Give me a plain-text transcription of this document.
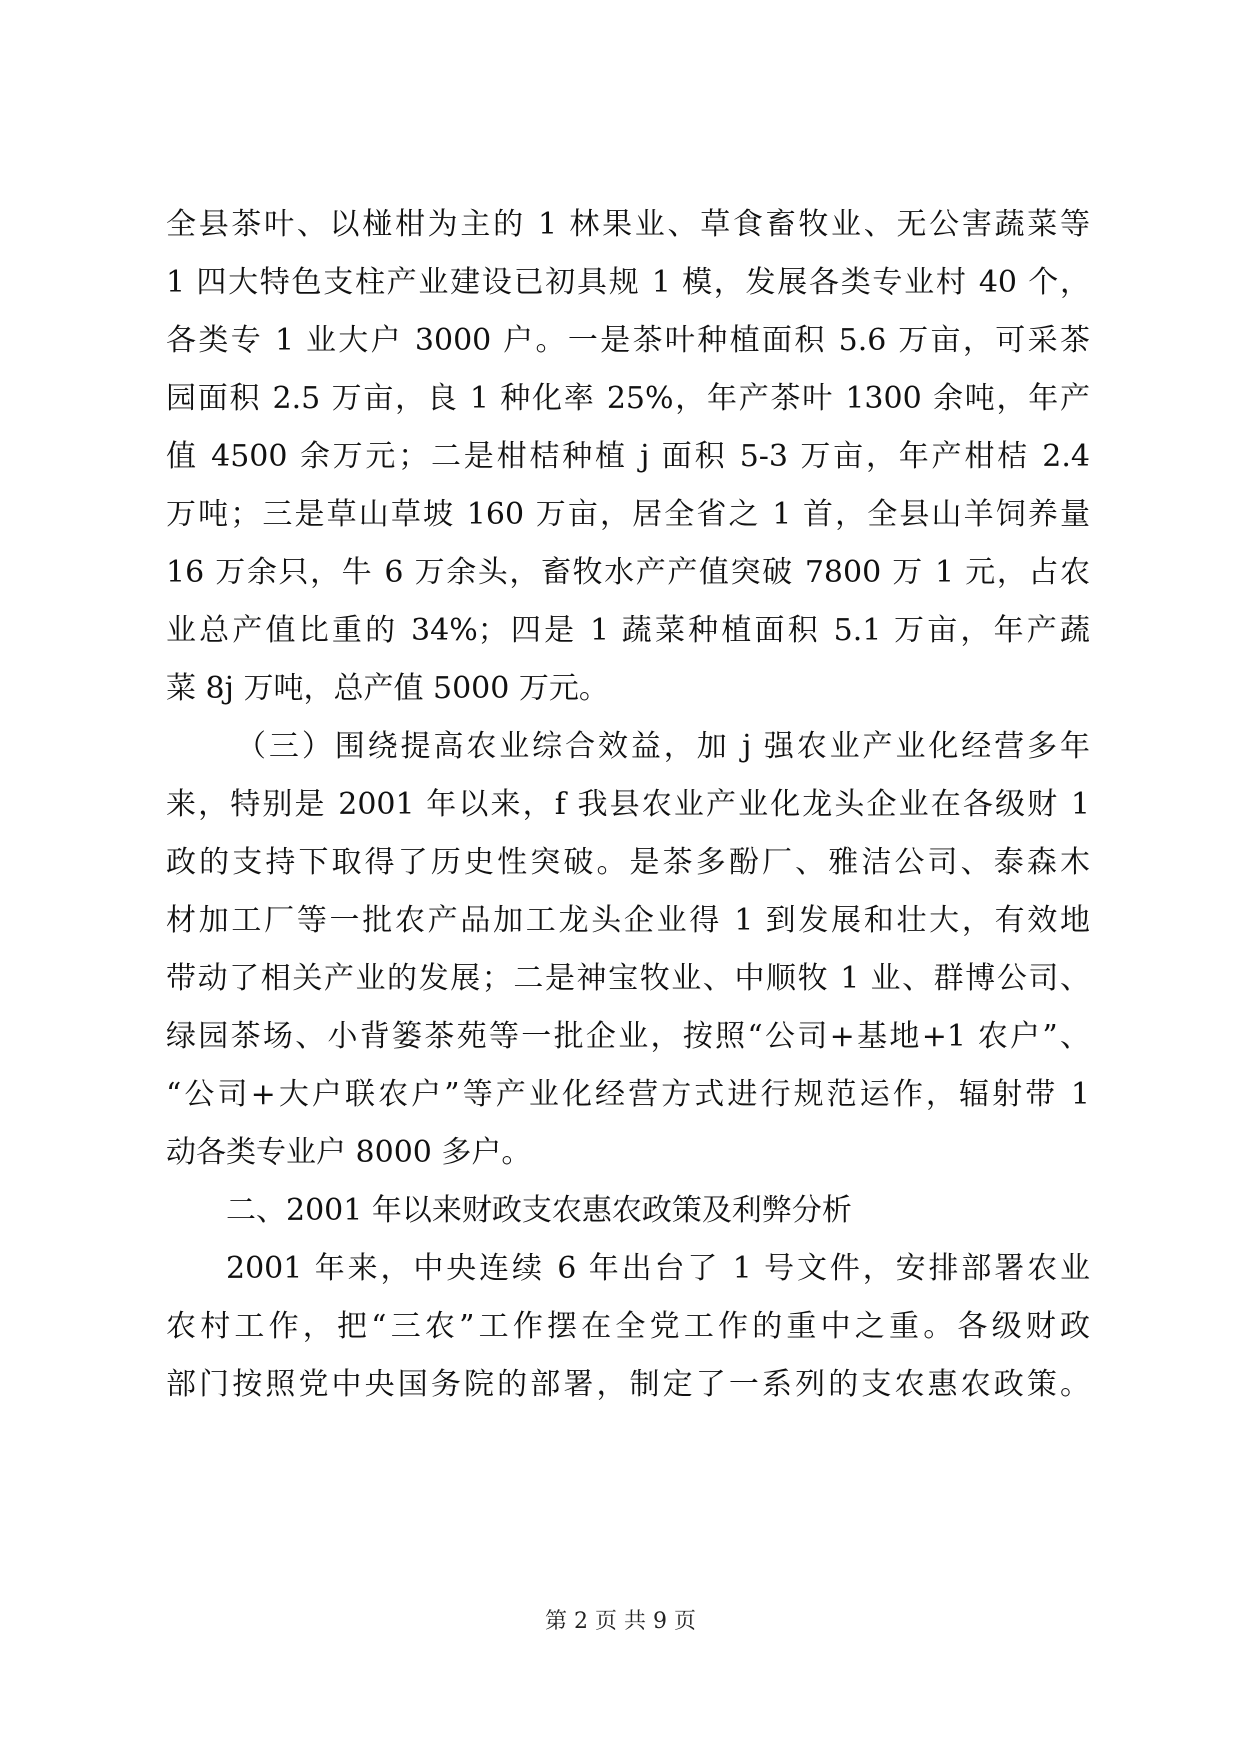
全县茶叶、以椪柑为主的 1 林果业、草食畜牧业、无公害蔬菜等
1 四大特色支柱产业建设已初具规 1 模，发展各类专业村 40 个，
各类专 1 业大户 3000 户。一是茶叶种植面积 5.6 万亩，可采茶
园面积 2.5 万亩，良 1 种化率 25%，年产茶叶 1300 余吨，年产
值 4500 余万元；二是柑桔种植 j 面积 5-3 万亩，年产柑桔 2.4
万吨；三是草山草坡 160 万亩，居全省之 1 首，全县山羊饲养量
16 万余只，牛 6 万余头，畜牧水产产值突破 7800 万 1 元，占农
业总产值比重的 34%；四是 1 蔬菜种植面积 5.1 万亩，年产蔬
菜 8j 万吨，总产值 5000 万元。
（三）围绕提高农业综合效益，加 j 强农业产业化经营多年
来，特别是 2001 年以来，f 我县农业产业化龙头企业在各级财 1
政的支持下取得了历史性突破。是茶多酚厂、雅洁公司、泰森木
材加工厂等一批农产品加工龙头企业得 1 到发展和壮大，有效地
带动了相关产业的发展；二是神宝牧业、中顺牧 1 业、群博公司、
绿园茶场、小背篓茶苑等一批企业，按照“公司+基地+1 农户”、
“公司+大户联农户”等产业化经营方式进行规范运作，辐射带 1
动各类专业户 8000 多户。
二、2001 年以来财政支农惠农政策及利弊分析
2001 年来，中央连续 6 年出台了 1 号文件，安排部署农业
农村工作，把“三农”工作摆在全党工作的重中之重。各级财政
部门按照党中央国务院的部署，制定了一系列的支农惠农政策。
第 2 页 共 9 页
